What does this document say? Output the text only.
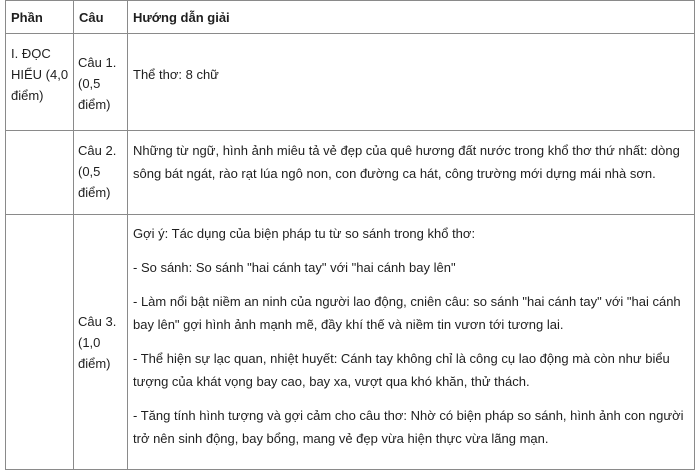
Phần	Câu	Hướng dẫn giải
I. ĐỌC HIỂU (4,0 điểm)	Câu 1. (0,5 điểm)	Thể thơ: 8 chữ

	Câu 2. (0,5 điểm)	Những từ ngữ, hình ảnh miêu tả vẻ đẹp của quê hương đất nước trong khổ thơ thứ nhất: dòng sông bát ngát, rào rạt lúa ngô non, con đường ca hát, công trường mới dựng mái nhà sơn.

	Câu 3. (1,0 điểm)	Gợi ý: Tác dụng của biện pháp tu từ so sánh trong khổ thơ:
- So sánh: So sánh "hai cánh tay" với "hai cánh bay lên"
- Làm nổi bật niềm an ninh của người lao động, cniên câu: so sánh "hai cánh tay" với "hai cánh bay lên" gợi hình ảnh mạnh mẽ, đầy khí thế và niềm tin vươn tới tương lai.
- Thể hiện sự lạc quan, nhiệt huyết: Cánh tay không chỉ là công cụ lao động mà còn như biểu tượng của khát vọng bay cao, bay xa, vượt qua khó khăn, thử thách.
- Tăng tính hình tượng và gợi cảm cho câu thơ: Nhờ có biện pháp so sánh, hình ảnh con người trở nên sinh động, bay bổng, mang vẻ đẹp vừa hiện thực vừa lãng mạn.
